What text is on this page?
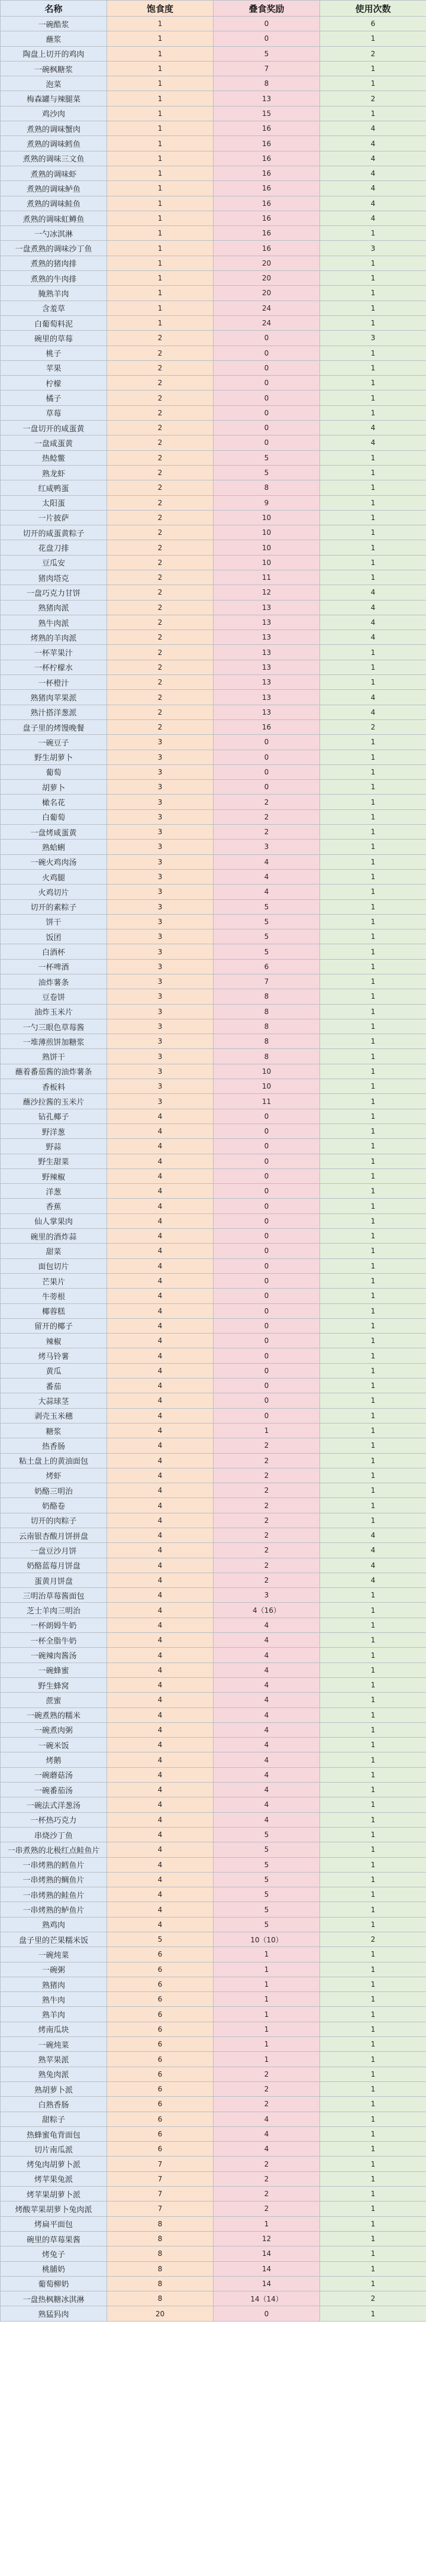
名称	饱食度	叠食奖励	使用次数
一碗酷浆	1	0	6
蘸浆	1	0	1
陶盘上切开的鸡肉	1	5	2
一碗枫糖浆	1	7	1
泡菜	1	8	1
梅森罐与辣腿菜	1	13	2
鸡沙肉	1	15	1
煮熟的调味蟹肉	1	16	4
煮熟的调味鳕鱼	1	16	4
煮熟的调味三文鱼	1	16	4
煮熟的调味虾	1	16	4
煮熟的调味鲈鱼	1	16	4
煮熟的调味鲑鱼	1	16	4
煮熟的调味虹鳟鱼	1	16	4
一勺冰淇淋	1	16	1
一盘煮熟的调味沙丁鱼	1	16	3
煮熟的猪肉排	1	20	1
煮熟的牛肉排	1	20	1
腌熟羊肉	1	20	1
含羞草	1	24	1
白葡萄料泥	1	24	1
碗里的草莓	2	0	3
桃子	2	0	1
苹果	2	0	1
柠檬	2	0	1
橘子	2	0	1
草莓	2	0	1
一盘切开的咸蛋黄	2	0	4
一盘咸蛋黄	2	0	4
热鲶鳖	2	5	1
熟龙虾	2	5	1
红咸鸭蛋	2	8	1
太阳蛋	2	9	1
一片披萨	2	10	1
切开的咸蛋黄粽子	2	10	1
花盘刀排	2	10	1
豆瓜安	2	10	1
猪肉塔克	2	11	1
一盘巧克力甘饼	2	12	4
熟猪肉派	2	13	4
熟牛肉派	2	13	4
烤熟的羊肉派	2	13	4
一杯苹果汁	2	13	1
一杯柠檬水	2	13	1
一杯橙汁	2	13	1
熟猪肉苹果派	2	13	4
熟汁搭洋葱派	2	13	4
盘子里的烤馒晚餐	2	16	2
一碗豆子	3	0	1
野生胡萝卜	3	0	1
葡萄	3	0	1
胡萝卜	3	0	1
橄名花	3	2	1
白葡萄	3	2	1
一盘烤咸蛋黄	3	2	1
熟蛤蜊	3	3	1
一碗火鸡肉汤	3	4	1
火鸡腿	3	4	1
火鸡切片	3	4	1
切开的素粽子	3	5	1
饼干	3	5	1
饭团	3	5	1
白酒杯	3	5	1
一杯啤酒	3	6	1
油炸薯条	3	7	1
豆卷饼	3	8	1
油炸玉米片	3	8	1
一勺三眼色草莓酱	3	8	1
一堆薄煎饼加糖浆	3	8	1
熟饼干	3	8	1
蘸着番茄酱的油炸薯条	3	10	1
香板料	3	10	1
蘸沙拉酱的玉米片	3	11	1
钻孔椰子	4	0	1
野洋葱	4	0	1
野蒜	4	0	1
野生甜菜	4	0	1
野辣椒	4	0	1
洋葱	4	0	1
香蕉	4	0	1
仙人掌果肉	4	0	1
碗里的酒炸蒜	4	0	1
甜菜	4	0	1
面包切片	4	0	1
芒果片	4	0	1
牛蒡根	4	0	1
椰蓉糕	4	0	1
留开的椰子	4	0	1
辣椒	4	0	1
烤马铃薯	4	0	1
黄瓜	4	0	1
番茄	4	0	1
大蒜球茎	4	0	1
剥壳玉米穗	4	0	1
糖浆	4	1	1
热香肠	4	2	1
粘土盘上的黄油面包	4	2	1
烤虾	4	2	1
奶酪三明治	4	2	1
奶酪卷	4	2	1
切开的肉粽子	4	2	1
云南银杏酸月饼拼盘	4	2	4
一盘豆沙月饼	4	2	4
奶酪蓝莓月饼盘	4	2	4
蛋黄月饼盘	4	2	4
三明治草莓酱面包	4	3	1
芝士羊肉三明治	4	4（16）	1
一杯朗姆牛奶	4	4	1
一杯全脂牛奶	4	4	1
一碗辣肉酱汤	4	4	1
一碗蜂蜜	4	4	1
野生蜂窝	4	4	1
蔗蜜	4	4	1
一碗煮熟的糯米	4	4	1
一碗煮肉粥	4	4	1
一碗米饭	4	4	1
烤鹅	4	4	1
一碗蘑菇汤	4	4	1
一碗番茄汤	4	4	1
一碗法式洋葱汤	4	4	1
一杯热巧克力	4	4	1
串烧沙丁鱼	4	5	1
一串煮熟的北极红点鲑鱼片	4	5	1
一串烤熟的鳕鱼片	4	5	1
一串烤熟的鲷鱼片	4	5	1
一串烤熟的鲑鱼片	4	5	1
一串烤熟的鲈鱼片	4	5	1
熟鸡肉	4	5	1
盘子里的芒果糯米饭	5	10（10）	2
一碗炖菜	6	1	1
一碗粥	6	1	1
熟猪肉	6	1	1
熟牛肉	6	1	1
熟羊肉	6	1	1
烤南瓜块	6	1	1
一碗炖菜	6	1	1
熟苹果派	6	1	1
熟兔肉派	6	2	1
熟胡萝卜派	6	2	1
白熟香肠	6	2	1
甜粽子	6	4	1
热蜂蜜龟背面包	6	4	1
切片南瓜派	6	4	1
烤兔肉胡萝卜派	7	2	1
烤苹果兔派	7	2	1
烤苹果胡萝卜派	7	2	1
烤酸苹果胡萝卜兔肉派	7	2	1
烤扁平面包	8	1	1
碗里的草莓果酱	8	12	1
烤兔子	8	14	1
桃脯奶	8	14	1
葡萄柳奶	8	14	1
一盘热枫糖冰淇淋	8	14（14）	2
熟猛犸肉	20	0	1
